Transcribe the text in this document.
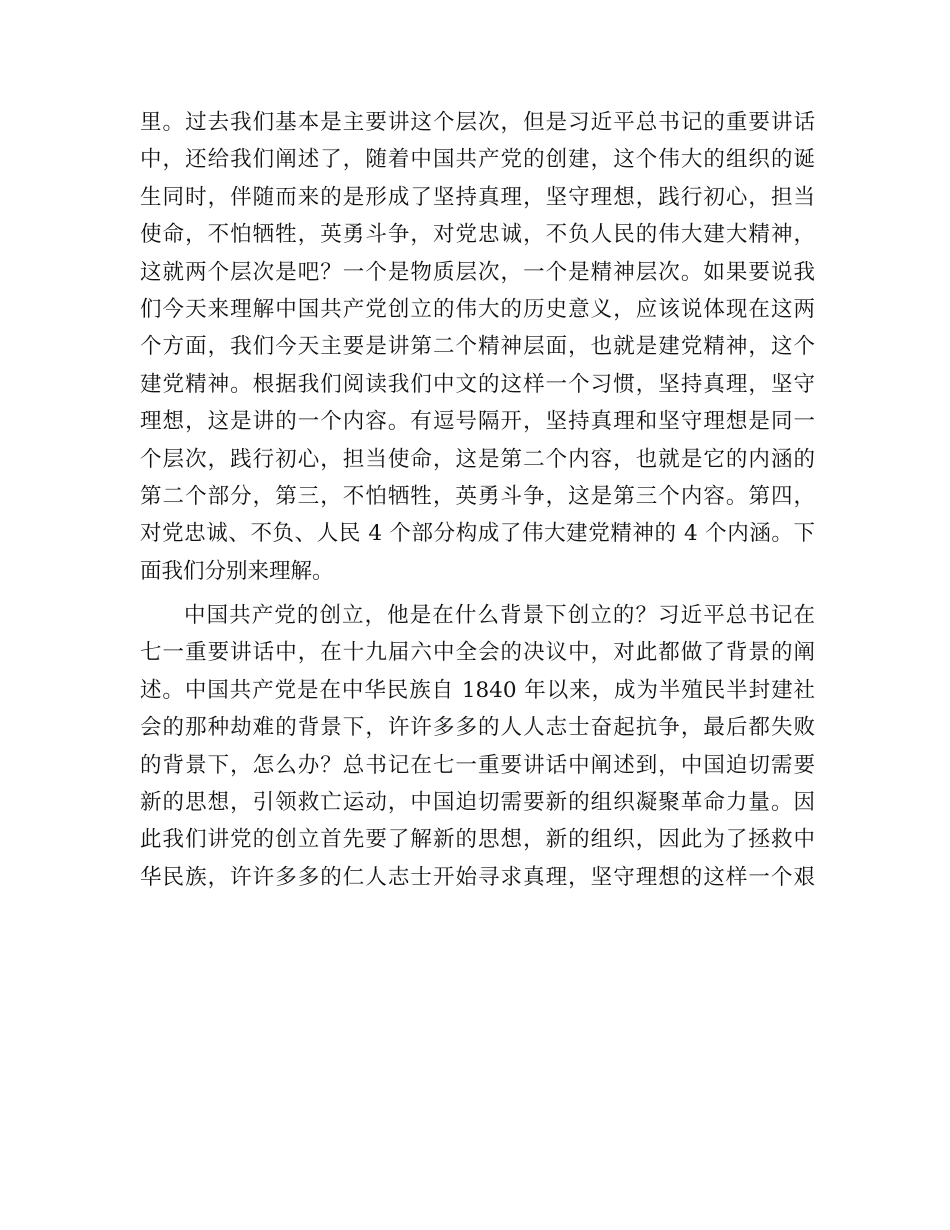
里。过去我们基本是主要讲这个层次，但是习近平总书记的重要讲话
中，还给我们阐述了，随着中国共产党的创建，这个伟大的组织的诞
生同时，伴随而来的是形成了坚持真理，坚守理想，践行初心，担当
使命，不怕牺牲，英勇斗争，对党忠诚，不负人民的伟大建大精神，
这就两个层次是吧？一个是物质层次，一个是精神层次。如果要说我
们今天来理解中国共产党创立的伟大的历史意义，应该说体现在这两
个方面，我们今天主要是讲第二个精神层面，也就是建党精神，这个
建党精神。根据我们阅读我们中文的这样一个习惯，坚持真理，坚守
理想，这是讲的一个内容。有逗号隔开，坚持真理和坚守理想是同一
个层次，践行初心，担当使命，这是第二个内容，也就是它的内涵的
第二个部分，第三，不怕牺牲，英勇斗争，这是第三个内容。第四，
对党忠诚、不负、人民 4 个部分构成了伟大建党精神的 4 个内涵。下
面我们分别来理解。
中国共产党的创立，他是在什么背景下创立的？习近平总书记在
七一重要讲话中，在十九届六中全会的决议中，对此都做了背景的阐
述。中国共产党是在中华民族自 1840 年以来，成为半殖民半封建社
会的那种劫难的背景下，许许多多的人人志士奋起抗争，最后都失败
的背景下，怎么办？总书记在七一重要讲话中阐述到，中国迫切需要
新的思想，引领救亡运动，中国迫切需要新的组织凝聚革命力量。因
此我们讲党的创立首先要了解新的思想，新的组织，因此为了拯救中
华民族，许许多多的仁人志士开始寻求真理，坚守理想的这样一个艰
